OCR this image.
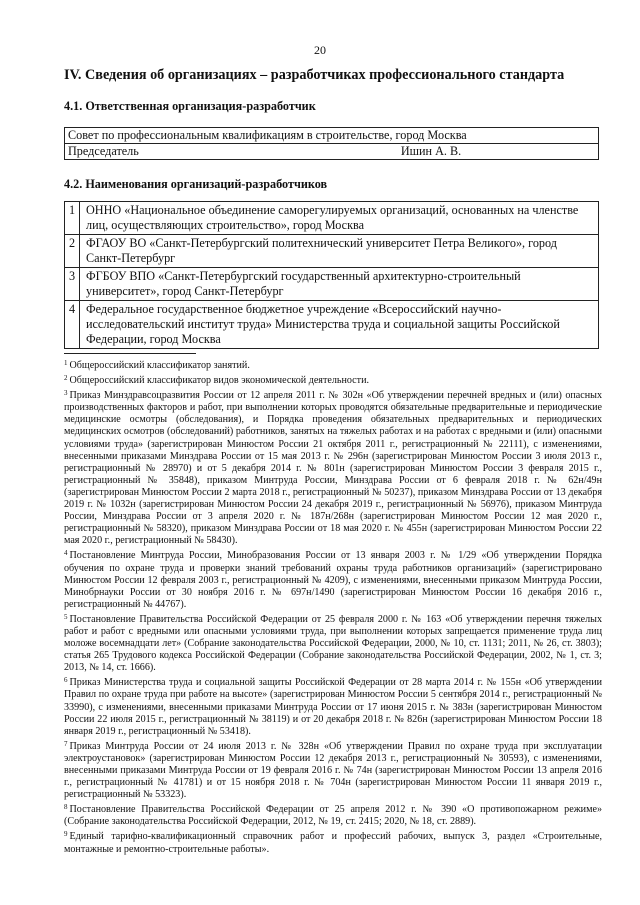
20
IV. Сведения об организациях – разработчиках профессионального стандарта
4.1. Ответственная организация-разработчик
Совет по профессиональным квалификациям в строительстве, город Москва
Председатель	Ишин А. В.
4.2. Наименования организаций-разработчиков
1	ОННО «Национальное объединение саморегулируемых организаций, основанных на членстве лиц, осуществляющих строительство», город Москва
2	ФГАОУ ВО «Санкт-Петербургский политехнический университет Петра Великого», город Санкт-Петербург
3	ФГБОУ ВПО «Санкт-Петербургский государственный архитектурно-строительный университет», город Санкт-Петербург
4	Федеральное государственное бюджетное учреждение «Всероссийский научно-исследовательский институт труда» Министерства труда и социальной защиты Российской Федерации, город Москва

$^1$ Общероссийский классификатор занятий.

$^2$ Общероссийский классификатор видов экономической деятельности.

$^3$ Приказ Минздравсоцразвития России от 12 апреля 2011 г. № 302н «Об утверждении перечней вредных и (или) опасных производственных факторов и работ, при выполнении которых проводятся обязательные предварительные и периодические медицинские осмотры (обследования), и Порядка проведения обязательных предварительных и периодических медицинских осмотров (обследований) работников, занятых на тяжелых работах и на работах с вредными и (или) опасными условиями труда» (зарегистрирован Минюстом России 21 октября 2011 г., регистрационный № 22111), с изменениями, внесенными приказами Минздрава России от 15 мая 2013 г. № 296н (зарегистрирован Минюстом России 3 июля 2013 г., регистрационный № 28970) и от 5 декабря 2014 г. № 801н (зарегистрирован Минюстом России 3 февраля 2015 г., регистрационный № 35848), приказом Минтруда России, Минздрава России от 6 февраля 2018 г. № 62н/49н (зарегистрирован Минюстом России 2 марта 2018 г., регистрационный № 50237), приказом Минздрава России от 13 декабря 2019 г. № 1032н (зарегистрирован Минюстом России 24 декабря 2019 г., регистрационный № 56976), приказом Минтруда России, Минздрава России от 3 апреля 2020 г. № 187н/268н (зарегистрирован Минюстом России 12 мая 2020 г., регистрационный № 58320), приказом Минздрава России от 18 мая 2020 г. № 455н (зарегистрирован Минюстом России 22 мая 2020 г., регистрационный № 58430).

$^4$ Постановление Минтруда России, Минобразования России от 13 января 2003 г. № 1/29 «Об утверждении Порядка обучения по охране труда и проверки знаний требований охраны труда работников организаций» (зарегистрировано Минюстом России 12 февраля 2003 г., регистрационный № 4209), с изменениями, внесенными приказом Минтруда России, Минобрнауки России от 30 ноября 2016 г. № 697н/1490 (зарегистрирован Минюстом России 16 декабря 2016 г., регистрационный № 44767).

$^5$ Постановление Правительства Российской Федерации от 25 февраля 2000 г. № 163 «Об утверждении перечня тяжелых работ и работ с вредными или опасными условиями труда, при выполнении которых запрещается применение труда лиц моложе восемнадцати лет» (Собрание законодательства Российской Федерации, 2000, № 10, ст. 1131; 2011, № 26, ст. 3803); статья 265 Трудового кодекса Российской Федерации (Собрание законодательства Российской Федерации, 2002, № 1, ст. 3; 2013, № 14, ст. 1666).

$^6$ Приказ Министерства труда и социальной защиты Российской Федерации от 28 марта 2014 г. № 155н «Об утверждении Правил по охране труда при работе на высоте» (зарегистрирован Минюстом России 5 сентября 2014 г., регистрационный № 33990), с изменениями, внесенными приказами Минтруда России от 17 июня 2015 г. № 383н (зарегистрирован Минюстом России 22 июля 2015 г., регистрационный № 38119) и от 20 декабря 2018 г. № 826н (зарегистрирован Минюстом России 18 января 2019 г., регистрационный № 53418).

$^7$ Приказ Минтруда России от 24 июля 2013 г. № 328н «Об утверждении Правил по охране труда при эксплуатации электроустановок» (зарегистрирован Минюстом России 12 декабря 2013 г., регистрационный № 30593), с изменениями, внесенными приказами Минтруда России от 19 февраля 2016 г. № 74н (зарегистрирован Минюстом России 13 апреля 2016 г., регистрационный № 41781) и от 15 ноября 2018 г. № 704н (зарегистрирован Минюстом России 11 января 2019 г., регистрационный № 53323).

$^8$ Постановление Правительства Российской Федерации от 25 апреля 2012 г. № 390 «О противопожарном режиме» (Собрание законодательства Российской Федерации, 2012, № 19, ст. 2415; 2020, № 18, ст. 2889).

$^9$ Единый тарифно-квалификационный справочник работ и профессий рабочих, выпуск 3, раздел «Строительные, монтажные и ремонтно-строительные работы».
